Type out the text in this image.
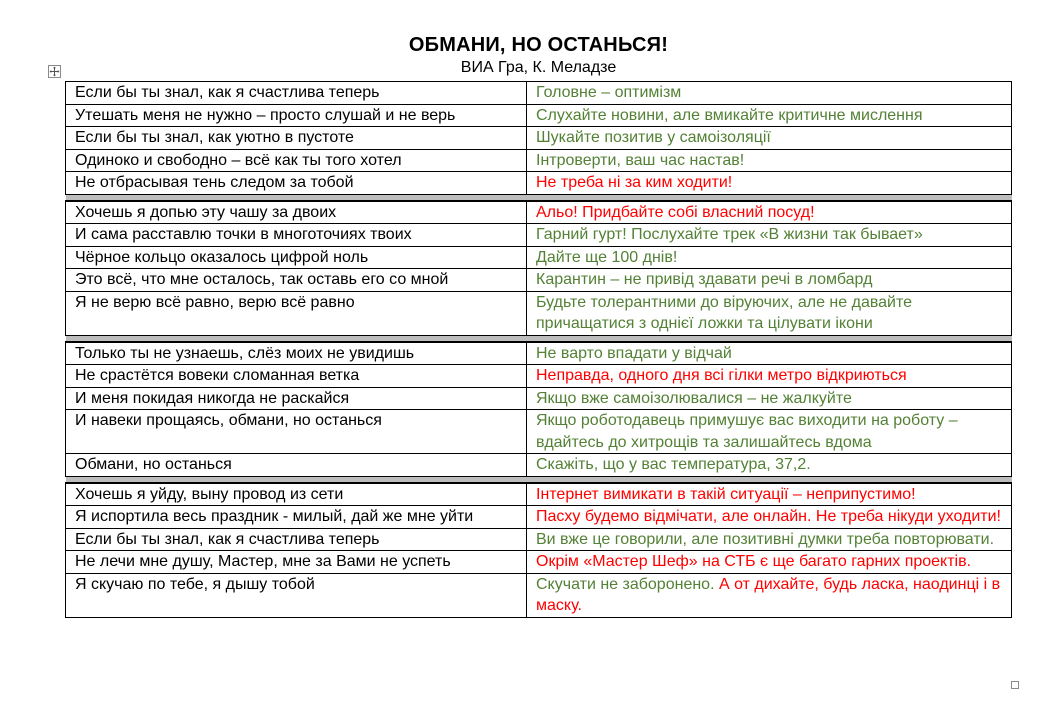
ОБМАНИ, НО ОСТАНЬСЯ!
ВИА Гра, К. Меладзе
Если бы ты знал, как я счастлива теперь	Головне – оптимізм
Утешать меня не нужно – просто слушай и не верь	Слухайте новини, але вмикайте критичне мислення
Если бы ты знал, как уютно в пустоте	Шукайте позитив у самоізоляції
Одиноко и свободно – всё как ты того хотел	Інтроверти, ваш час настав!
Не отбрасывая тень следом за тобой	Не треба ні за ким ходити!

Хочешь я допью эту чашу за двоих	Альо! Придбайте собі власний посуд!
И сама расставлю точки в многоточиях твоих	Гарний гурт! Послухайте трек «В жизни так бывает»
Чёрное кольцо оказалось цифрой ноль	Дайте ще 100 днів!
Это всё, что мне осталось, так оставь его со мной	Карантин – не привід здавати речі в ломбард
Я не верю всё равно, верю всё равно	Будьте толерантними до віруючих, але не давайте причащатися з однієї ложки та цілувати ікони

Только ты не узнаешь, слёз моих не увидишь	Не варто впадати у відчай
Не срастётся вовеки сломанная ветка	Неправда, одного дня всі гілки метро відкриються
И меня покидая никогда не раскайся	Якщо вже самоізолювалися – не жалкуйте
И навеки прощаясь, обмани, но останься	Якщо роботодавець примушує вас виходити на роботу – вдайтесь до хитрощів та залишайтесь вдома
Обмани, но останься	Скажіть, що у вас температура, 37,2.

Хочешь я уйду, вынy провод из сети	Інтернет вимикати в такій ситуації – неприпустимо!
Я испортила весь праздник - милый, дай же мне уйти	Пасху будемо відмічати, але онлайн. Не треба нікуди уходити!
Если бы ты знал, как я счастлива теперь	Ви вже це говорили, але позитивні думки треба повторювати.
Не лечи мне душу, Мастер, мне за Вами не успеть	Окрім «Мастер Шеф» на СТБ є ще багато гарних проектів.
Я скучаю по тебе, я дышу тобой	Скучати не заборонено. А от дихайте, будь ласка, наодинці і в маску.
